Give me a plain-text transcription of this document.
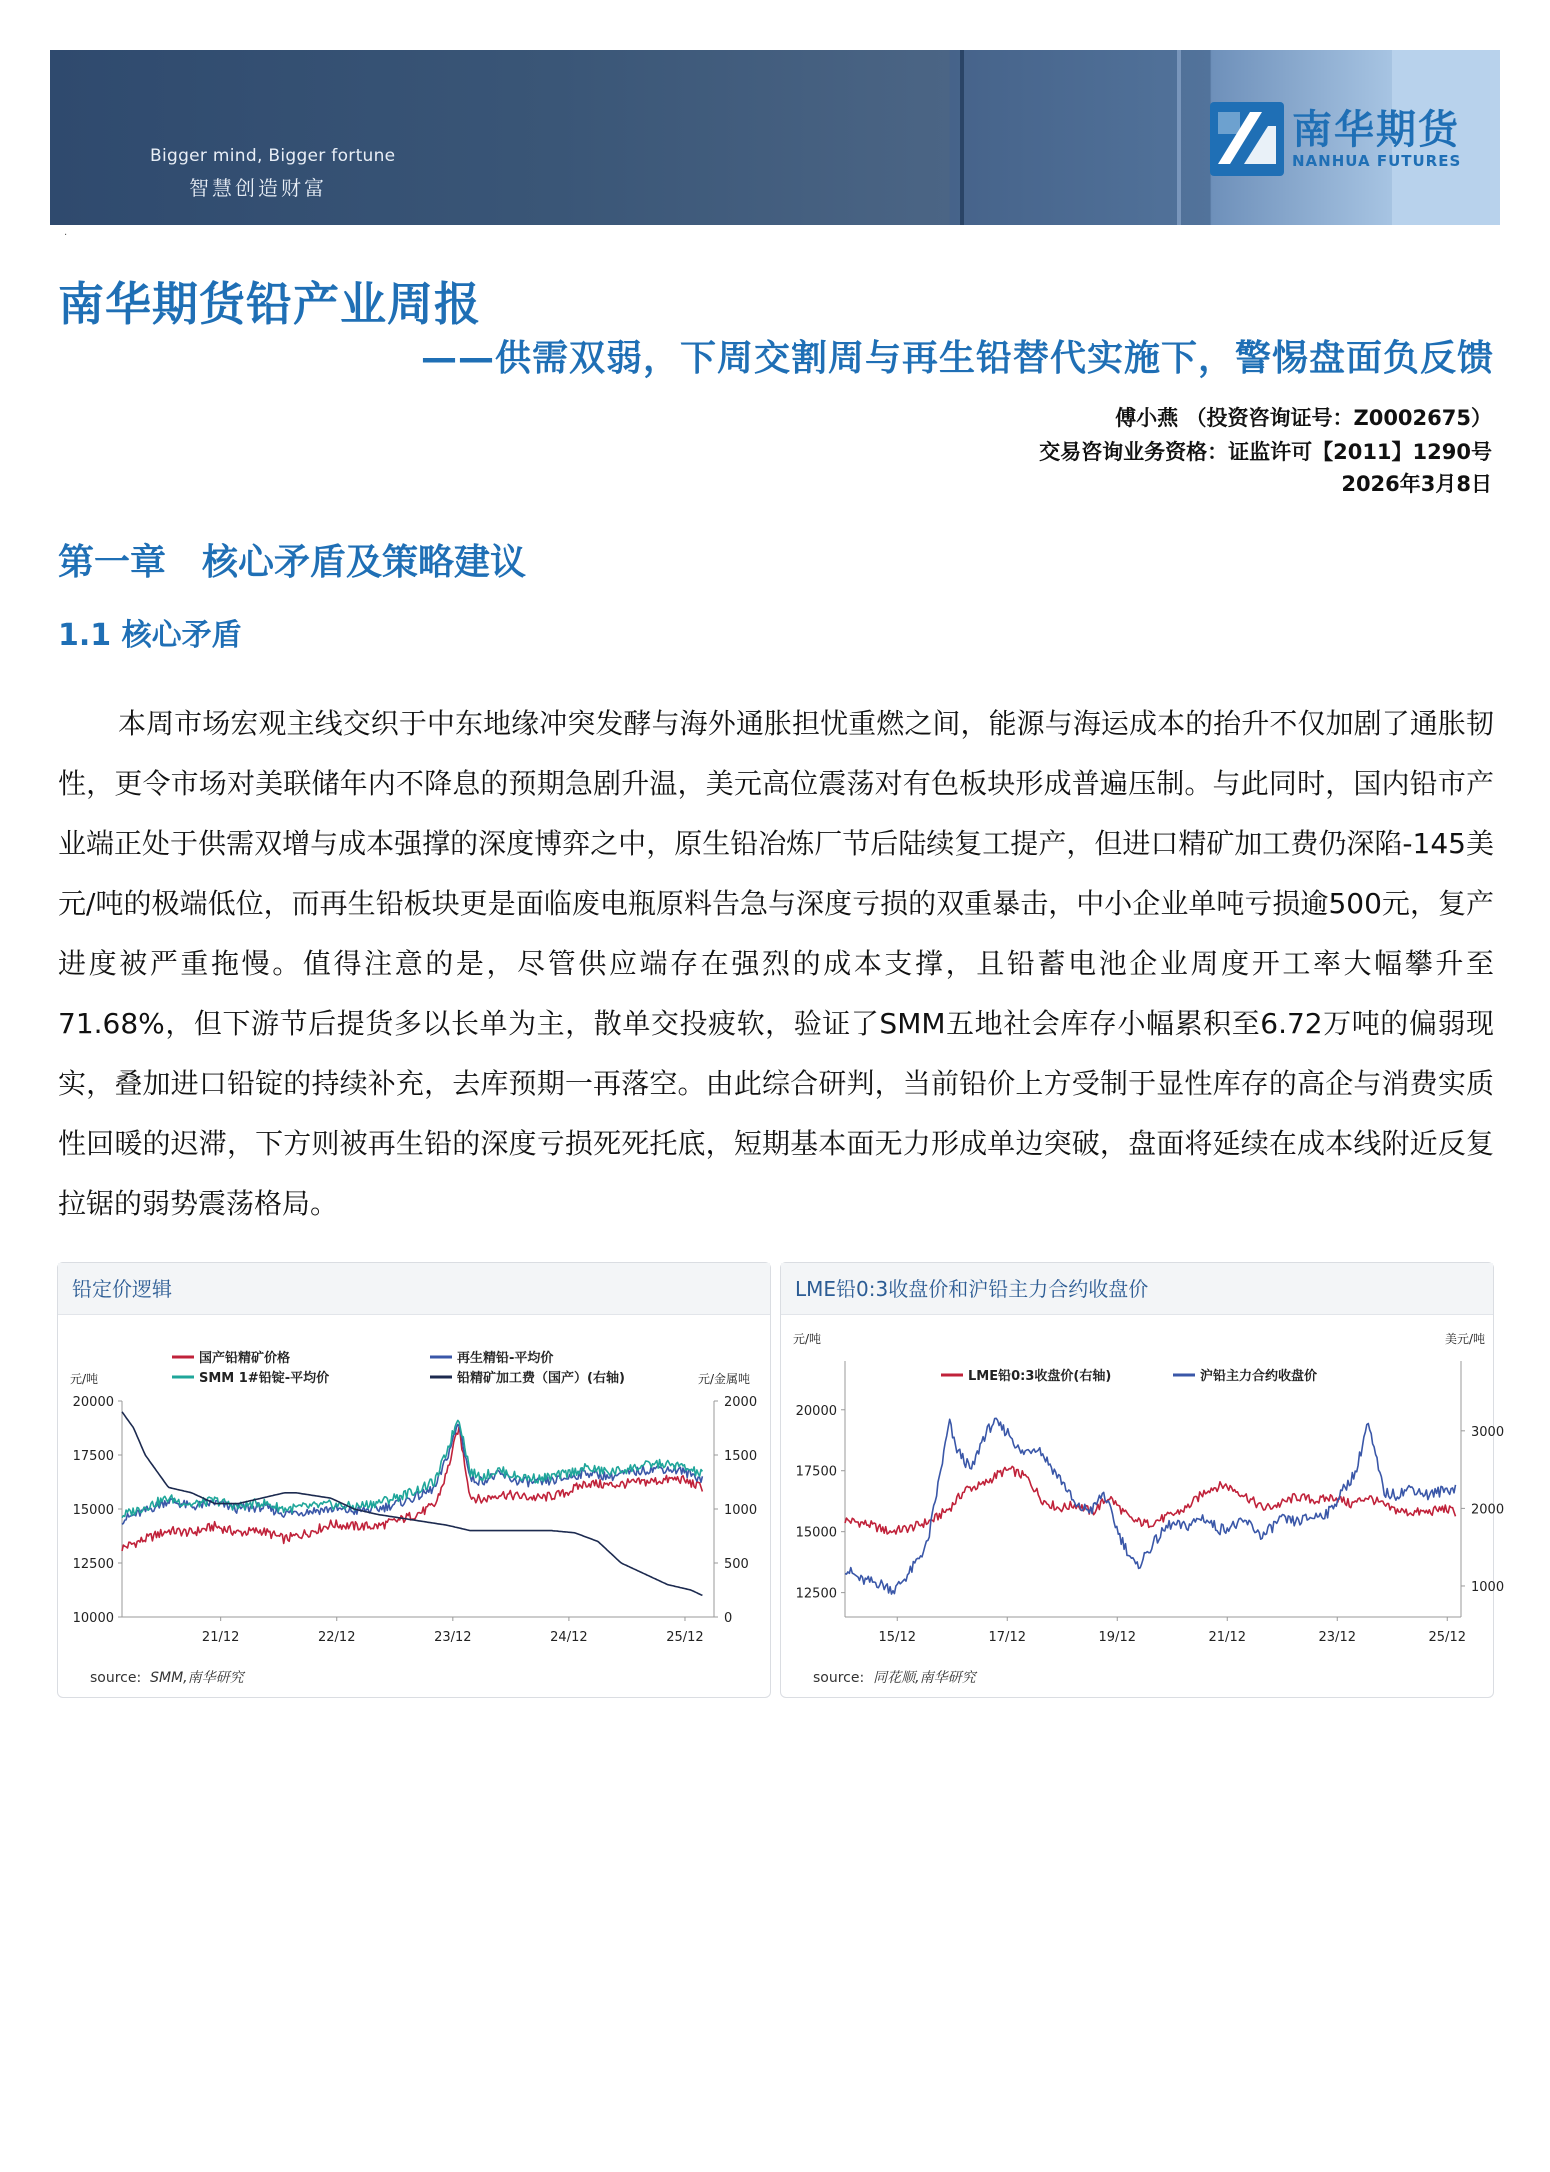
Bigger mind, Bigger fortune
智慧创造财富
南华期货
NANHUA FUTURES
·
南华期货铅产业周报
——供需双弱，下周交割周与再生铅替代实施下，警惕盘面负反馈
傅小燕 （投资咨询证号：Z0002675）
交易咨询业务资格：证监许可【2011】1290号
2026年3月8日
第一章　核心矛盾及策略建议
1.1 核心矛盾

本周市场宏观主线交织于中东地缘冲突发酵与海外通胀担忧重燃之间，能源与海运成本的抬升不仅加剧了通胀韧性，更令市场对美联储年内不降息的预期急剧升温，美元高位震荡对有色板块形成普遍压制。与此同时，国内铅市产业端正处于供需双增与成本强撑的深度博弈之中，原生铅冶炼厂节后陆续复工提产，但进口精矿加工费仍深陷-145美元/吨的极端低位，而再生铅板块更是面临废电瓶原料告急与深度亏损的双重暴击，中小企业单吨亏损逾500元，复产进度被严重拖慢。值得注意的是，尽管供应端存在强烈的成本支撑，且铅蓄电池企业周度开工率大幅攀升至71.68%，但下游节后提货多以长单为主，散单交投疲软，验证了SMM五地社会库存小幅累积至6.72万吨的偏弱现实，叠加进口铅锭的持续补充，去库预期一再落空。由此综合研判，当前铅价上方受制于显性库存的高企与消费实质性回暖的迟滞，下方则被再生铅的深度亏损死死托底，短期基本面无力形成单边突破，盘面将延续在成本线附近反复拉锯的弱势震荡格局。

铅定价逻辑
元/吨	元/金属吨
20000
17500
15000
12500
10000
2000
1500
1000
500
0
21/12	22/12	23/12	24/12	25/12
国产铅精矿价格
SMM 1#铅锭-平均价
再生精铅-平均价
铅精矿加工费（国产）(右轴)
source: SMM,南华研究
LME铅0:3收盘价和沪铅主力合约收盘价
元/吨	美元/吨
20000
17500
15000
12500
3000
2000
1000
15/12	17/12	19/12	21/12	23/12	25/12
LME铅0:3收盘价(右轴)	沪铅主力合约收盘价
source: 同花顺,南华研究
